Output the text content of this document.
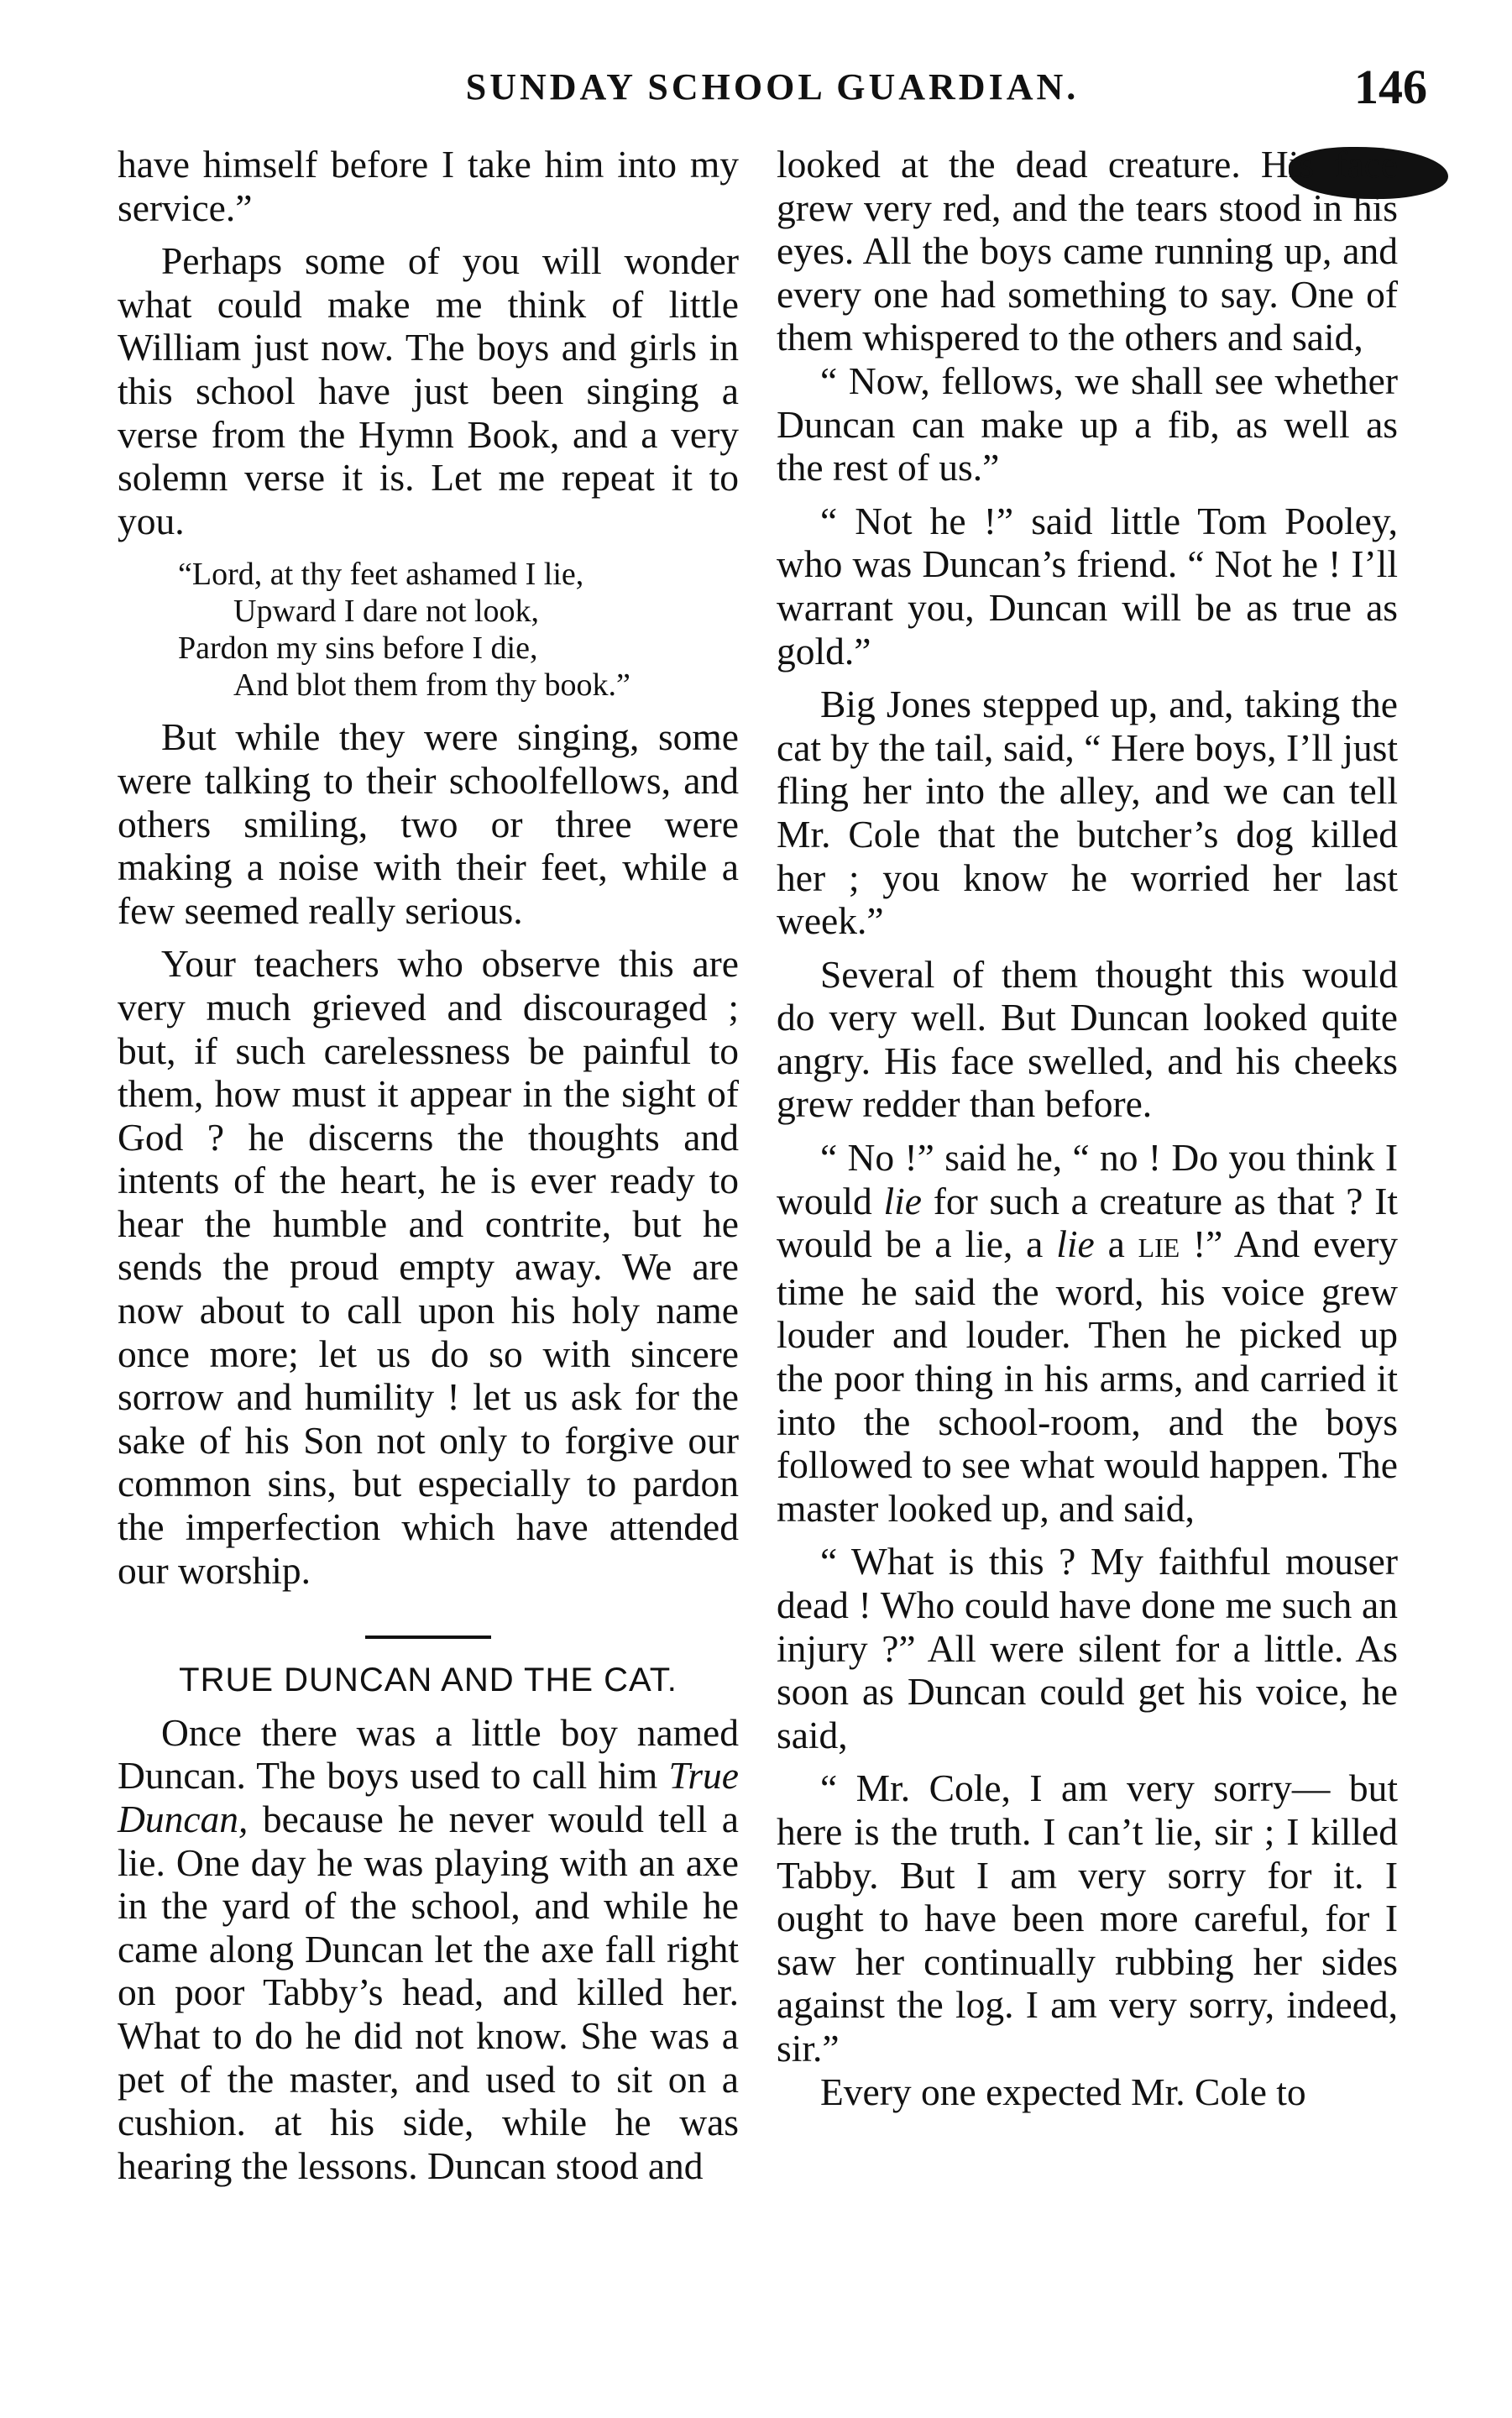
SUNDAY SCHOOL GUARDIAN.	146

have himself before I take him into my service.”

Perhaps some of you will wonder what could make me think of little William just now. The boys and girls in this school have just been singing a verse from the Hymn Book, and a very solemn verse it is. Let me repeat it to you.

“Lord, at thy feet ashamed I lie,
Upward I dare not look,
Pardon my sins before I die,
And blot them from thy book.”

But while they were singing, some were talking to their schoolfellows, and others smiling, two or three were making a noise with their feet, while a few seemed really serious.

Your teachers who observe this are very much grieved and discouraged ; but, if such carelessness be painful to them, how must it appear in the sight of God ? he discerns the thoughts and intents of the heart, he is ever ready to hear the humble and contrite, but he sends the proud empty away. We are now about to call upon his holy name once more; let us do so with sincere sorrow and humility ! let us ask for the sake of his Son not only to forgive our common sins, but especially to pardon the imperfection which have attended our worship.

TRUE DUNCAN AND THE CAT.

Once there was a little boy named Duncan. The boys used to call him True Duncan, because he never would tell a lie. One day he was playing with an axe in the yard of the school, and while he came along Duncan let the axe fall right on poor Tabby’s head, and killed her. What to do he did not know. She was a pet of the master, and used to sit on a cushion. at his side, while he was hearing the lessons. Duncan stood and

looked at the dead creature. His face grew very red, and the tears stood in his eyes. All the boys came running up, and every one had something to say. One of them whispered to the others and said,

“ Now, fellows, we shall see whether Duncan can make up a fib, as well as the rest of us.”

“ Not he !” said little Tom Pooley, who was Duncan’s friend. “ Not he ! I’ll warrant you, Duncan will be as true as gold.”

Big Jones stepped up, and, taking the cat by the tail, said, “ Here boys, I’ll just fling her into the alley, and we can tell Mr. Cole that the butcher’s dog killed her ; you know he worried her last week.”

Several of them thought this would do very well. But Duncan looked quite angry. His face swelled, and his cheeks grew redder than before.

“ No !” said he, “ no ! Do you think I would lie for such a creature as that ? It would be a lie, a lie a LIE !” And every time he said the word, his voice grew louder and louder. Then he picked up the poor thing in his arms, and carried it into the school-room, and the boys followed to see what would happen. The master looked up, and said,

“ What is this ? My faithful mouser dead ! Who could have done me such an injury ?” All were silent for a little. As soon as Duncan could get his voice, he said,

“ Mr. Cole, I am very sorry— but here is the truth. I can’t lie, sir ; I killed Tabby. But I am very sorry for it. I ought to have been more careful, for I saw her continually rubbing her sides against the log. I am very sorry, indeed, sir.”

Every one expected Mr. Cole to
